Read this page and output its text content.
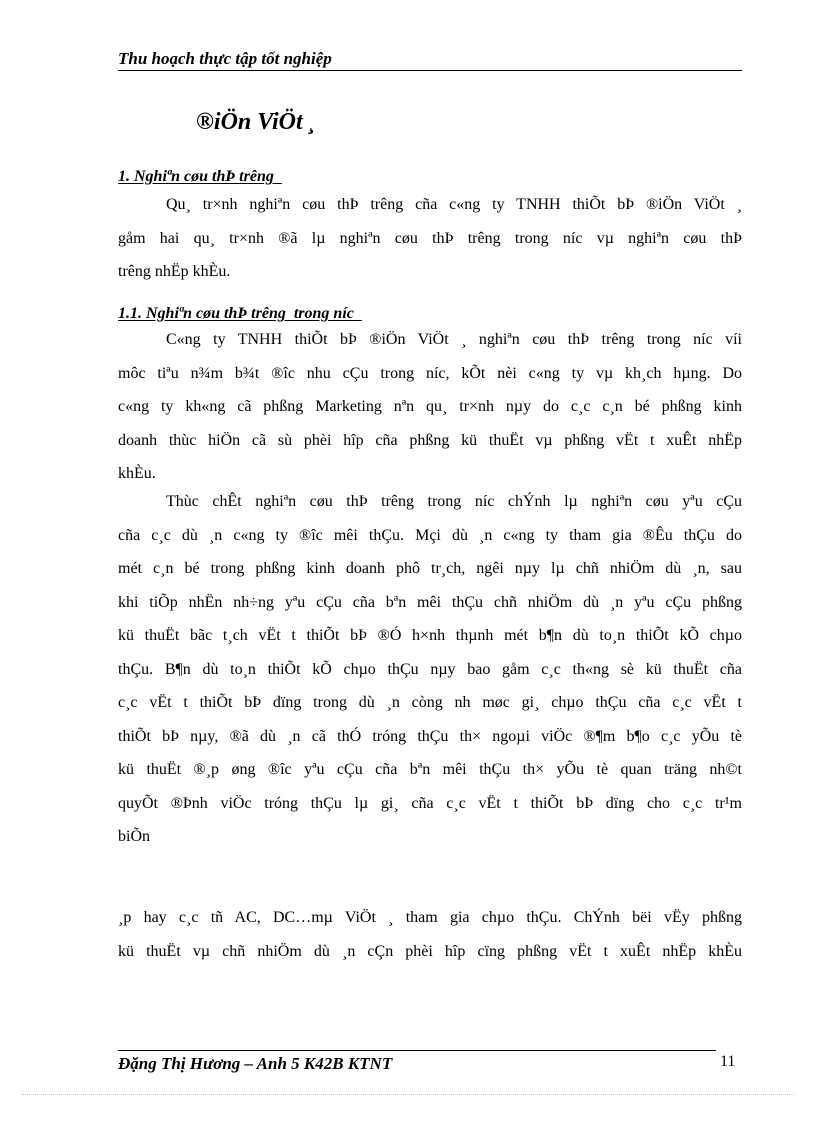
Thu hoạch thực tập tốt nghiệp
®iÖn ViÖt ¸
1. Nghiªn cøu thÞ trêng
Qu¸ tr×nh nghiªn cøu thÞ trêng cña c«ng ty TNHH thiÕt bÞ ®iÖn ViÖt ¸
gåm hai qu¸ tr×nh ®ã lµ nghiªn cøu thÞ trêng trong níc vµ nghiªn cøu thÞ
trêng nhËp khÈu.
1.1. Nghiªn cøu thÞ trêng  trong níc
C«ng ty TNHH thiÕt bÞ ®iÖn ViÖt ¸ nghiªn cøu thÞ trêng trong níc víi
môc tiªu n¾m b¾t ®îc nhu cÇu trong níc, kÕt nèi c«ng ty vµ kh¸ch hµng. Do
c«ng ty kh«ng cã phßng Marketing nªn qu¸ tr×nh nµy do c¸c c¸n bé phßng kinh
doanh thùc hiÖn cã sù phèi hîp cña phßng kü thuËt vµ phßng vËt t xuÊt nhËp
khÈu.
Thùc chÊt nghiªn cøu thÞ trêng trong níc chÝnh lµ nghiªn cøu yªu cÇu
cña c¸c dù ¸n c«ng ty ®îc mêi thÇu. Mçi dù ¸n c«ng ty tham gia ®Êu thÇu do
mét c¸n bé trong phßng kinh doanh phô tr¸ch, ngêi nµy lµ chñ nhiÖm dù ¸n, sau
khi tiÕp nhËn nh÷ng yªu cÇu cña bªn mêi thÇu chñ nhiÖm dù ¸n yªu cÇu phßng
kü thuËt bãc t¸ch vËt t thiÕt bÞ ®Ó h×nh thµnh mét b¶n dù to¸n thiÕt kÕ chµo
thÇu. B¶n dù to¸n thiÕt kÕ chµo thÇu nµy bao gåm c¸c th«ng sè kü thuËt cña
c¸c vËt t thiÕt bÞ dïng trong dù ¸n còng nh møc gi¸ chµo thÇu cña c¸c vËt t
thiÕt bÞ nµy, ®ã dù ¸n cã thÓ tróng thÇu th× ngoµi viÖc ®¶m b¶o c¸c yÕu tè
kü thuËt ®¸p øng ®îc yªu cÇu cña bªn mêi thÇu th× yÕu tè quan träng nh©t
quyÕt ®Þnh viÖc tróng thÇu lµ gi¸ cña c¸c vËt t thiÕt bÞ dïng cho c¸c tr¹m
biÕn
¸p hay c¸c tñ AC, DC…mµ ViÖt ¸ tham gia chµo thÇu. ChÝnh bëi vËy phßng
kü thuËt vµ chñ nhiÖm dù ¸n cÇn phèi hîp cïng phßng vËt t xuÊt nhËp khÈu
Đặng Thị Hương – Anh 5 K42B KTNT	11
